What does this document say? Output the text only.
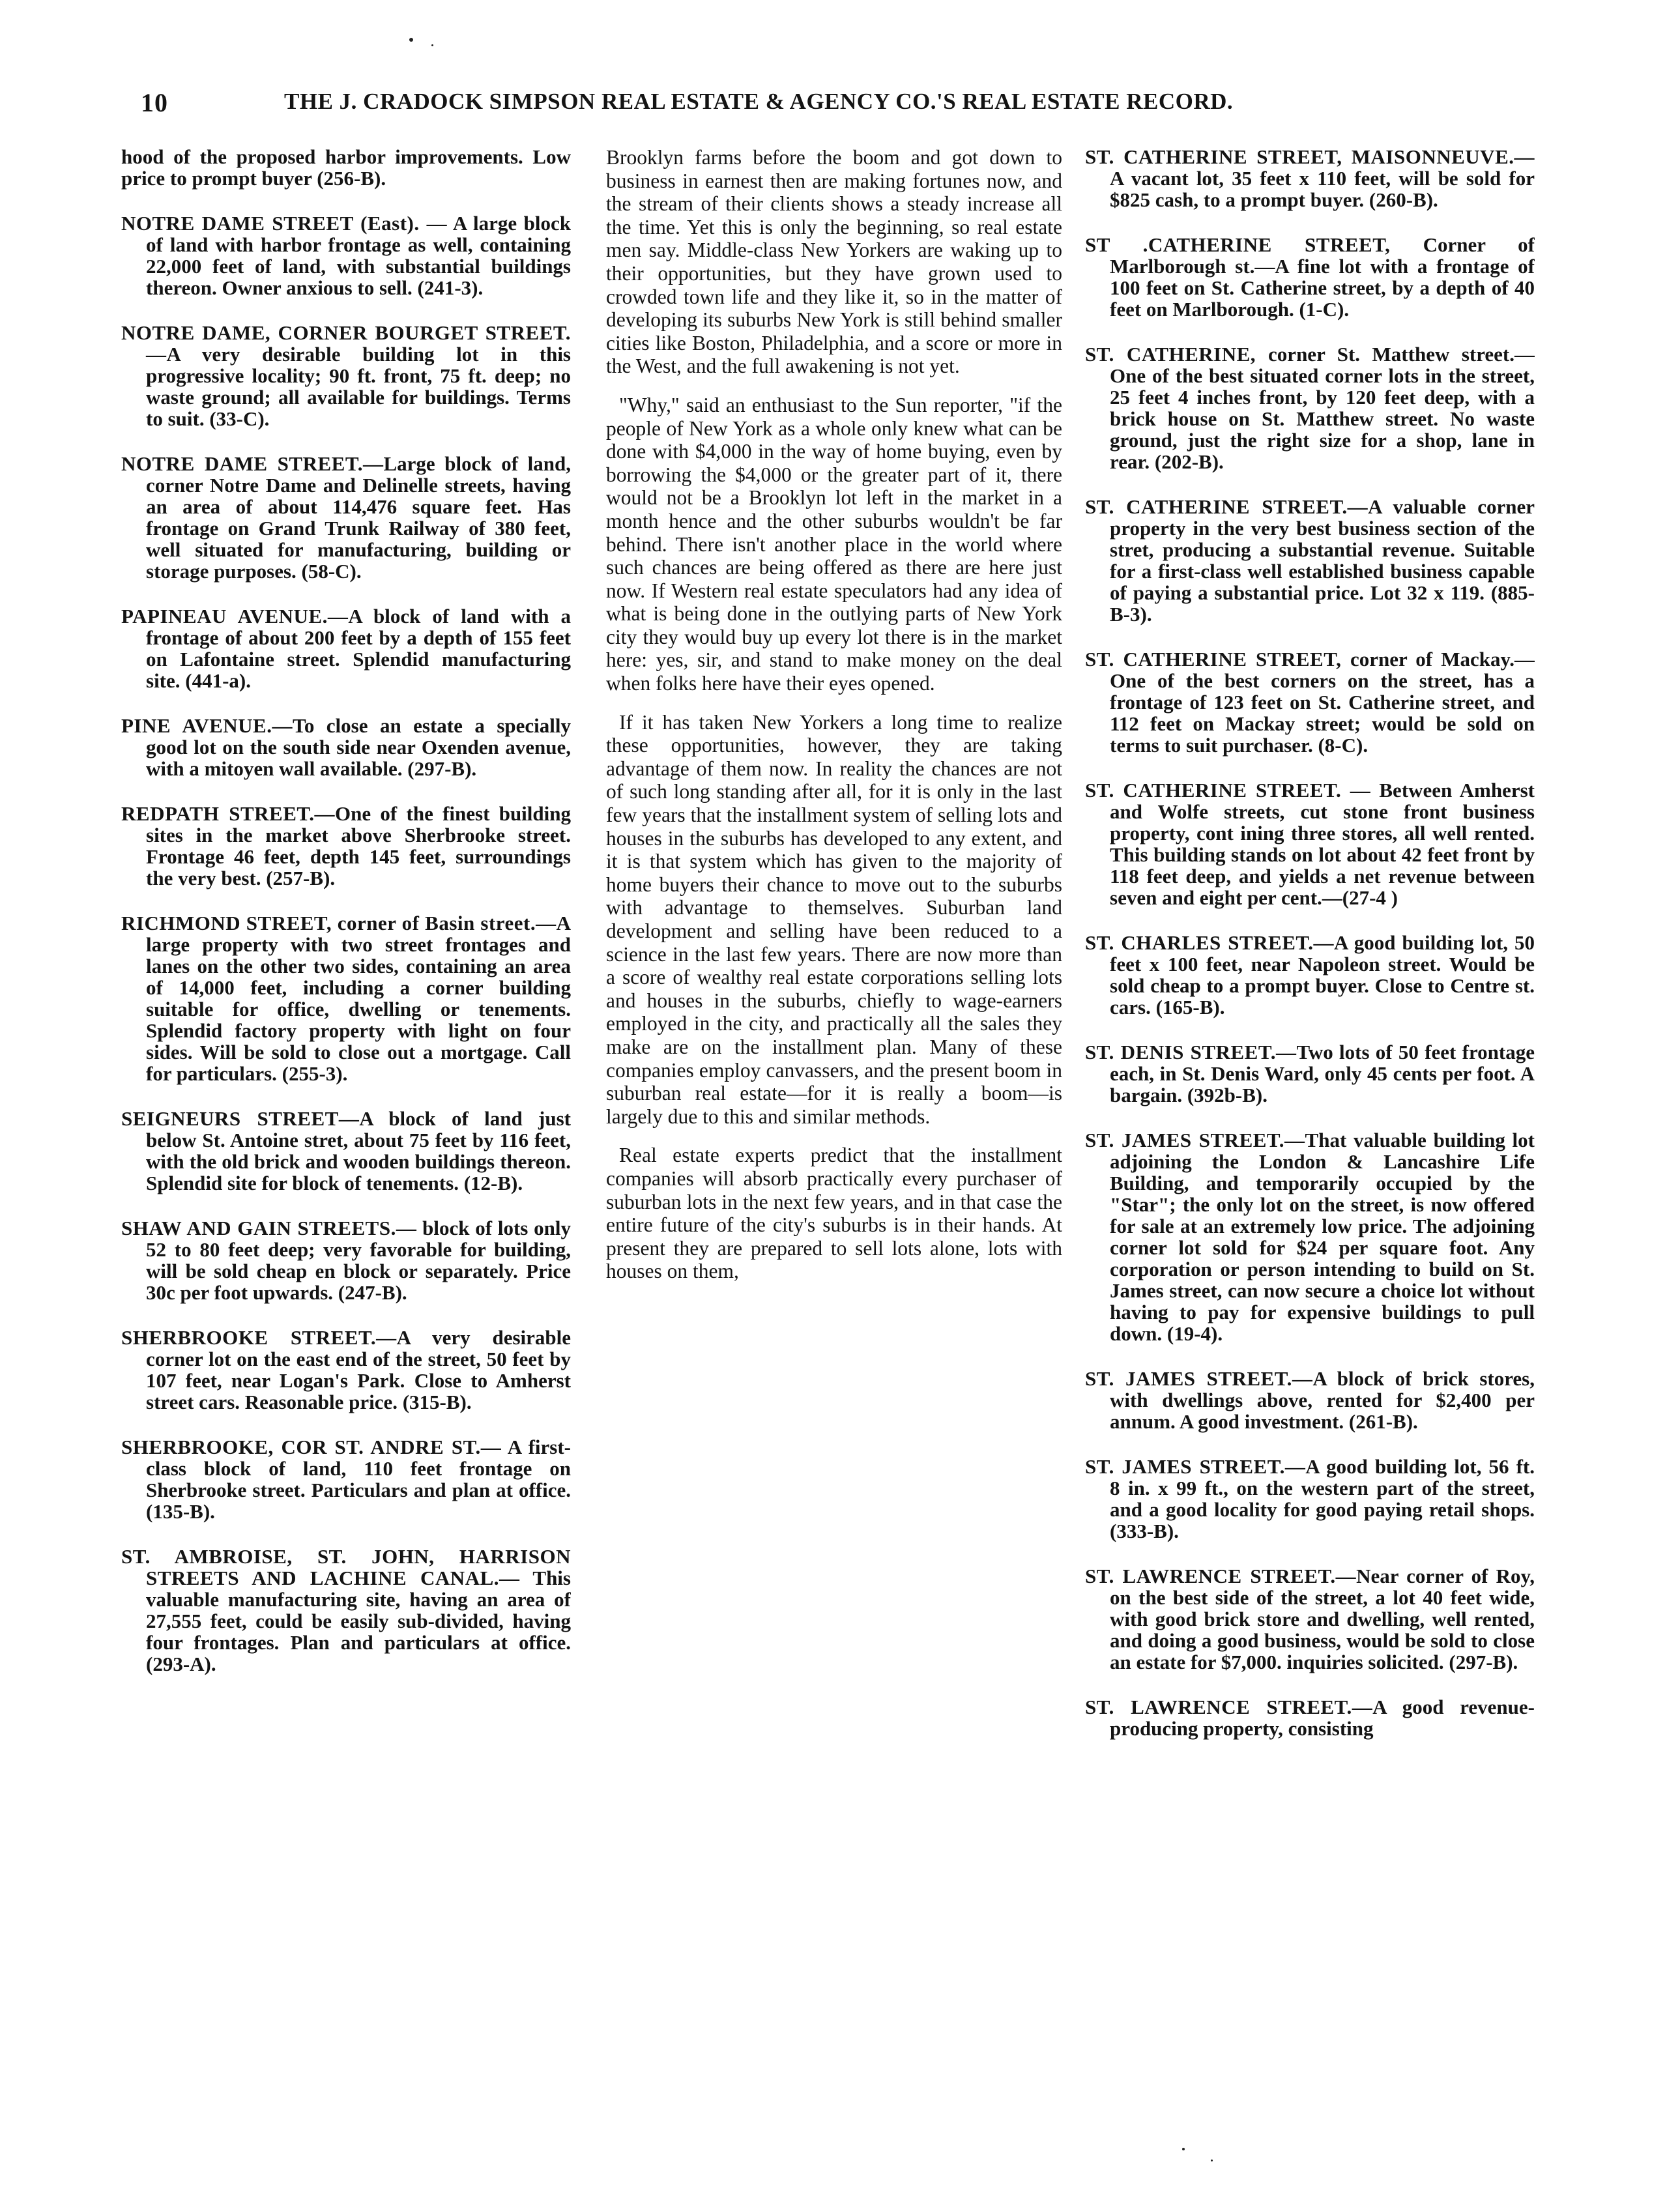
10	THE J. CRADOCK SIMPSON REAL ESTATE & AGENCY CO.'S REAL ESTATE RECORD.

hood of the proposed harbor improvements. Low price to prompt buyer (256-B).

NOTRE DAME STREET (East). — A large block of land with harbor frontage as well, containing 22,000 feet of land, with substantial buildings thereon. Owner anxious to sell. (241-3).

NOTRE DAME, CORNER BOURGET STREET.—A very desirable building lot in this progressive locality; 90 ft. front, 75 ft. deep; no waste ground; all available for buildings. Terms to suit. (33-C).

NOTRE DAME STREET.—Large block of land, corner Notre Dame and Delinelle streets, having an area of about 114,476 square feet. Has frontage on Grand Trunk Railway of 380 feet, well situated for manufacturing, building or storage purposes. (58-C).

PAPINEAU AVENUE.—A block of land with a frontage of about 200 feet by a depth of 155 feet on Lafontaine street. Splendid manufacturing site. (441-a).

PINE AVENUE.—To close an estate a specially good lot on the south side near Oxenden avenue, with a mitoyen wall available. (297-B).

REDPATH STREET.—One of the finest building sites in the market above Sherbrooke street. Frontage 46 feet, depth 145 feet, surroundings the very best. (257-B).

RICHMOND STREET, corner of Basin street.—A large property with two street frontages and lanes on the other two sides, containing an area of 14,000 feet, including a corner building suitable for office, dwelling or tenements. Splendid factory property with light on four sides. Will be sold to close out a mortgage. Call for particulars. (255-3).

SEIGNEURS STREET—A block of land just below St. Antoine stret, about 75 feet by 116 feet, with the old brick and wooden buildings thereon. Splendid site for block of tenements. (12-B).

SHAW AND GAIN STREETS.— block of lots only 52 to 80 feet deep; very favorable for building, will be sold cheap en block or separately. Price 30c per foot upwards. (247-B).

SHERBROOKE STREET.—A very desirable corner lot on the east end of the street, 50 feet by 107 feet, near Logan's Park. Close to Amherst street cars. Reasonable price. (315-B).

SHERBROOKE, COR ST. ANDRE ST.— A first-class block of land, 110 feet frontage on Sherbrooke street. Particulars and plan at office. (135-B).

ST. AMBROISE, ST. JOHN, HARRISON STREETS AND LACHINE CANAL.— This valuable manufacturing site, having an area of 27,555 feet, could be easily sub-divided, having four frontages. Plan and particulars at office. (293-A).

Brooklyn farms before the boom and got down to business in earnest then are making fortunes now, and the stream of their clients shows a steady increase all the time. Yet this is only the beginning, so real estate men say. Middle-class New Yorkers are waking up to their opportunities, but they have grown used to crowded town life and they like it, so in the matter of developing its suburbs New York is still behind smaller cities like Boston, Philadelphia, and a score or more in the West, and the full awakening is not yet.

"Why," said an enthusiast to the Sun reporter, "if the people of New York as a whole only knew what can be done with $4,000 in the way of home buying, even by borrowing the $4,000 or the greater part of it, there would not be a Brooklyn lot left in the market in a month hence and the other suburbs wouldn't be far behind. There isn't another place in the world where such chances are being offered as there are here just now. If Western real estate speculators had any idea of what is being done in the outlying parts of New York city they would buy up every lot there is in the market here: yes, sir, and stand to make money on the deal when folks here have their eyes opened.

If it has taken New Yorkers a long time to realize these opportunities, however, they are taking advantage of them now. In reality the chances are not of such long standing after all, for it is only in the last few years that the installment system of selling lots and houses in the suburbs has developed to any extent, and it is that system which has given to the majority of home buyers their chance to move out to the suburbs with advantage to themselves. Suburban land development and selling have been reduced to a science in the last few years. There are now more than a score of wealthy real estate corporations selling lots and houses in the suburbs, chiefly to wage-earners employed in the city, and practically all the sales they make are on the installment plan. Many of these companies employ canvassers, and the present boom in suburban real estate—for it is really a boom—is largely due to this and similar methods.

Real estate experts predict that the installment companies will absorb practically every purchaser of suburban lots in the next few years, and in that case the entire future of the city's suburbs is in their hands. At present they are prepared to sell lots alone, lots with houses on them,

ST. CATHERINE STREET, MAISONNEUVE.—A vacant lot, 35 feet x 110 feet, will be sold for $825 cash, to a prompt buyer. (260-B).

ST .CATHERINE STREET, Corner of Marlborough st.—A fine lot with a frontage of 100 feet on St. Catherine street, by a depth of 40 feet on Marlborough. (1-C).

ST. CATHERINE, corner St. Matthew street.—One of the best situated corner lots in the street, 25 feet 4 inches front, by 120 feet deep, with a brick house on St. Matthew street. No waste ground, just the right size for a shop, lane in rear. (202-B).

ST. CATHERINE STREET.—A valuable corner property in the very best business section of the stret, producing a substantial revenue. Suitable for a first-class well established business capable of paying a substantial price. Lot 32 x 119. (885-B-3).

ST. CATHERINE STREET, corner of Mackay.—One of the best corners on the street, has a frontage of 123 feet on St. Catherine street, and 112 feet on Mackay street; would be sold on terms to suit purchaser. (8-C).

ST. CATHERINE STREET. — Between Amherst and Wolfe streets, cut stone front business property, cont ining three stores, all well rented. This building stands on lot about 42 feet front by 118 feet deep, and yields a net revenue between seven and eight per cent.—(27-4 )

ST. CHARLES STREET.—A good building lot, 50 feet x 100 feet, near Napoleon street. Would be sold cheap to a prompt buyer. Close to Centre st. cars. (165-B).

ST. DENIS STREET.—Two lots of 50 feet frontage each, in St. Denis Ward, only 45 cents per foot. A bargain. (392b-B).

ST. JAMES STREET.—That valuable building lot adjoining the London & Lancashire Life Building, and temporarily occupied by the "Star"; the only lot on the street, is now offered for sale at an extremely low price. The adjoining corner lot sold for $24 per square foot. Any corporation or person intending to build on St. James street, can now secure a choice lot without having to pay for expensive buildings to pull down. (19-4).

ST. JAMES STREET.—A block of brick stores, with dwellings above, rented for $2,400 per annum. A good investment. (261-B).

ST. JAMES STREET.—A good building lot, 56 ft. 8 in. x 99 ft., on the western part of the street, and a good locality for good paying retail shops. (333-B).

ST. LAWRENCE STREET.—Near corner of Roy, on the best side of the street, a lot 40 feet wide, with good brick store and dwelling, well rented, and doing a good business, would be sold to close an estate for $7,000. inquiries solicited. (297-B).

ST. LAWRENCE STREET.—A good revenue-producing property, consisting
